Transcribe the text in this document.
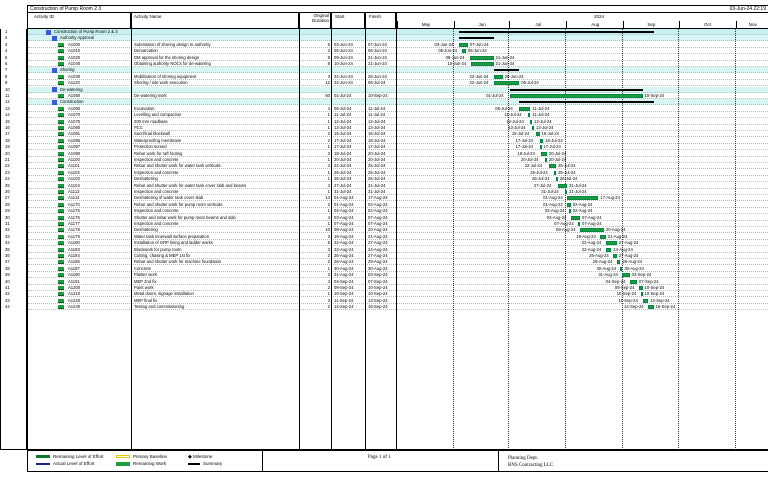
Construction of Pump Room 2 3	03-Jun-24 22:19
Activity ID	Activity Name	Original Duration
Start	Finish	2024
May	Jun	Jul	Aug	Sep	Oct	Nov
1	Construction of Pump Room 2 & 3
2	Authority Approval
3	A1000	Submission of shoring design to authority	5 03-Jun-24	07-Jun-24
4	A1010	Demarcation	2 05-Jun-24	06-Jun-24
5	A1020	DM approval for the shoring design	9 09-Jun-24	21-Jun-24
6	A1040	Obtaining authority NOCs for de-watering	8 10-Jun-24	21-Jun-24
7	Shoring
8	A1030	Mobilization of shoring equipment	3 22-Jun-24	26-Jun-24
9	A1120	Shoring / site work execution	12 22-Jun-24	05-Jul-24
10	De-watering
11	A1050	De-watering work	60 01-Jul-24	10-Sep-24
12	Construction
13	A1060	Excavation	4 06-Jul-24	11-Jul-24
14	A1070	Levelling and compaction	1 11-Jul-24	11-Jul-24
15	A1075	200 mm roadbase	1 12-Jul-24	12-Jul-24
16	A1080	PCC	1 13-Jul-24	13-Jul-24
17	A1081	Sacrificial blockwall	2 15-Jul-24	16-Jul-24
18	A1085	Waterproofing membrane	2 17-Jul-24	18-Jul-24
19	A1087	Protection screed	1 17-Jul-24	17-Jul-24
20	A1090	Rebar work for raft footing	3 18-Jul-24	20-Jul-24
21	A1100	Inspection and concrete	1 20-Jul-24	20-Jul-24
22	A1101	Rebar and shutter work for water tank verticals	4 22-Jul-24	25-Jul-24
23	A1102	Inspection and concrete	1 25-Jul-24	25-Jul-24
24	A1103	Deshuttering	1 26-Jul-24	26-Jul-24
25	A1104	Rebar and shutter work for water tank cover slab and beams	4 27-Jul-24	31-Jul-24
26	A1113	Inspection and concrete	1 31-Jul-24	31-Jul-24
27	A1114	Deshuttering of water tank cover slab	14 01-Aug-24	17-Aug-24
28	A1170	Rebar and shutter work for pump room verticals	2 01-Aug-24	02-Aug-24
29	A1175	Inspection and concrete	1 02-Aug-24	02-Aug-24
30	A1176	Shutter and rebar work for pump room beams and slab	4 03-Aug-24	07-Aug-24
31	A1177	Inspection and concrete	1 07-Aug-24	07-Aug-24
32	A1178	Deshuttering	10 08-Aug-24	20-Aug-24
33	A1179	Water tank innerwall surface preparation	3 19-Aug-24	21-Aug-24
34	A1180	Installation of GRP lining and ladder works	5 22-Aug-24	27-Aug-24
35	A1183	Blockwork for pump room	3 22-Aug-24	24-Aug-24
36	A1184	Cutting, chasing & MEP 1st fix	2 26-Aug-24	27-Aug-24
37	A1185	Rebar and shutter work for machine foundation	2 28-Aug-24	29-Aug-24
38	A1187	Concrete	1 30-Aug-24	30-Aug-24
39	A1190	Plaster work	3 31-Aug-24	03-Sep-24
40	A1191	MEP 2nd fix	4 04-Sep-24	07-Sep-24
41	A1200	Paint work	2 09-Sep-24	10-Sep-24
42	A1210	Metal doors, signage installation	1 10-Sep-24	10-Sep-24
43	A1220	MEP final fix	3 11-Sep-24	13-Sep-24
44	A1240	Testing and commissioning	2 14-Sep-24	16-Sep-24
03-Jun-24	07-Jun-24
05-Jun-24	06-Jun-24
09-Jun-24	21-Jun-24
10-Jun-24	21-Jun-24
22-Jun-24	26-Jun-24
22-Jun-24	05-Jul-24
01-Jul-24	10-Sep-24
06-Jul-24	11-Jul-24
11-Jul-24	11-Jul-24
12-Jul-24 12-Jul-24
13-Jul-24 13-Jul-24
15-Jul-24	16-Jul-24
17-Jul-24	18-Jul-24
17-Jul-24 17-Jul-24
18-Jul-24	20-Jul-24
20-Jul-24 20-Jul-24
22-Jul-24	25-Jul-24
25-Jul-24 25-Jul-24
26-Jul-24 26-Jul-24
27-Jul-24	31-Jul-24
31-Jul-24 31-Jul-24
01-Aug-24	17-Aug-24
01-Aug-24 02-Aug-24
02-Aug-24 02-Aug-24
03-Aug-24	07-Aug-24
07-Aug-24 07-Aug-24
08-Aug-24	20-Aug-24
19-Aug-24	21-Aug-24
22-Aug-24	27-Aug-24
22-Aug-24	24-Aug-24
26-Aug-24 27-Aug-24
28-Aug-24 29-Aug-24
30-Aug-24 30-Aug-24
31-Aug-24	03-Sep-24
04-Sep-24	07-Sep-24
09-Sep-24 10-Sep-24
10-Sep-24 10-Sep-24
11-Sep-24	13-Sep-24
14-Sep-24	16-Sep-24
Remaining Level of Effort
Actual Level of Effort
Primary Baseline
Remaining Work
◆ Milestone
Summary
Page 1 of 1	Planning Dept.
BNS Contracting LLC
